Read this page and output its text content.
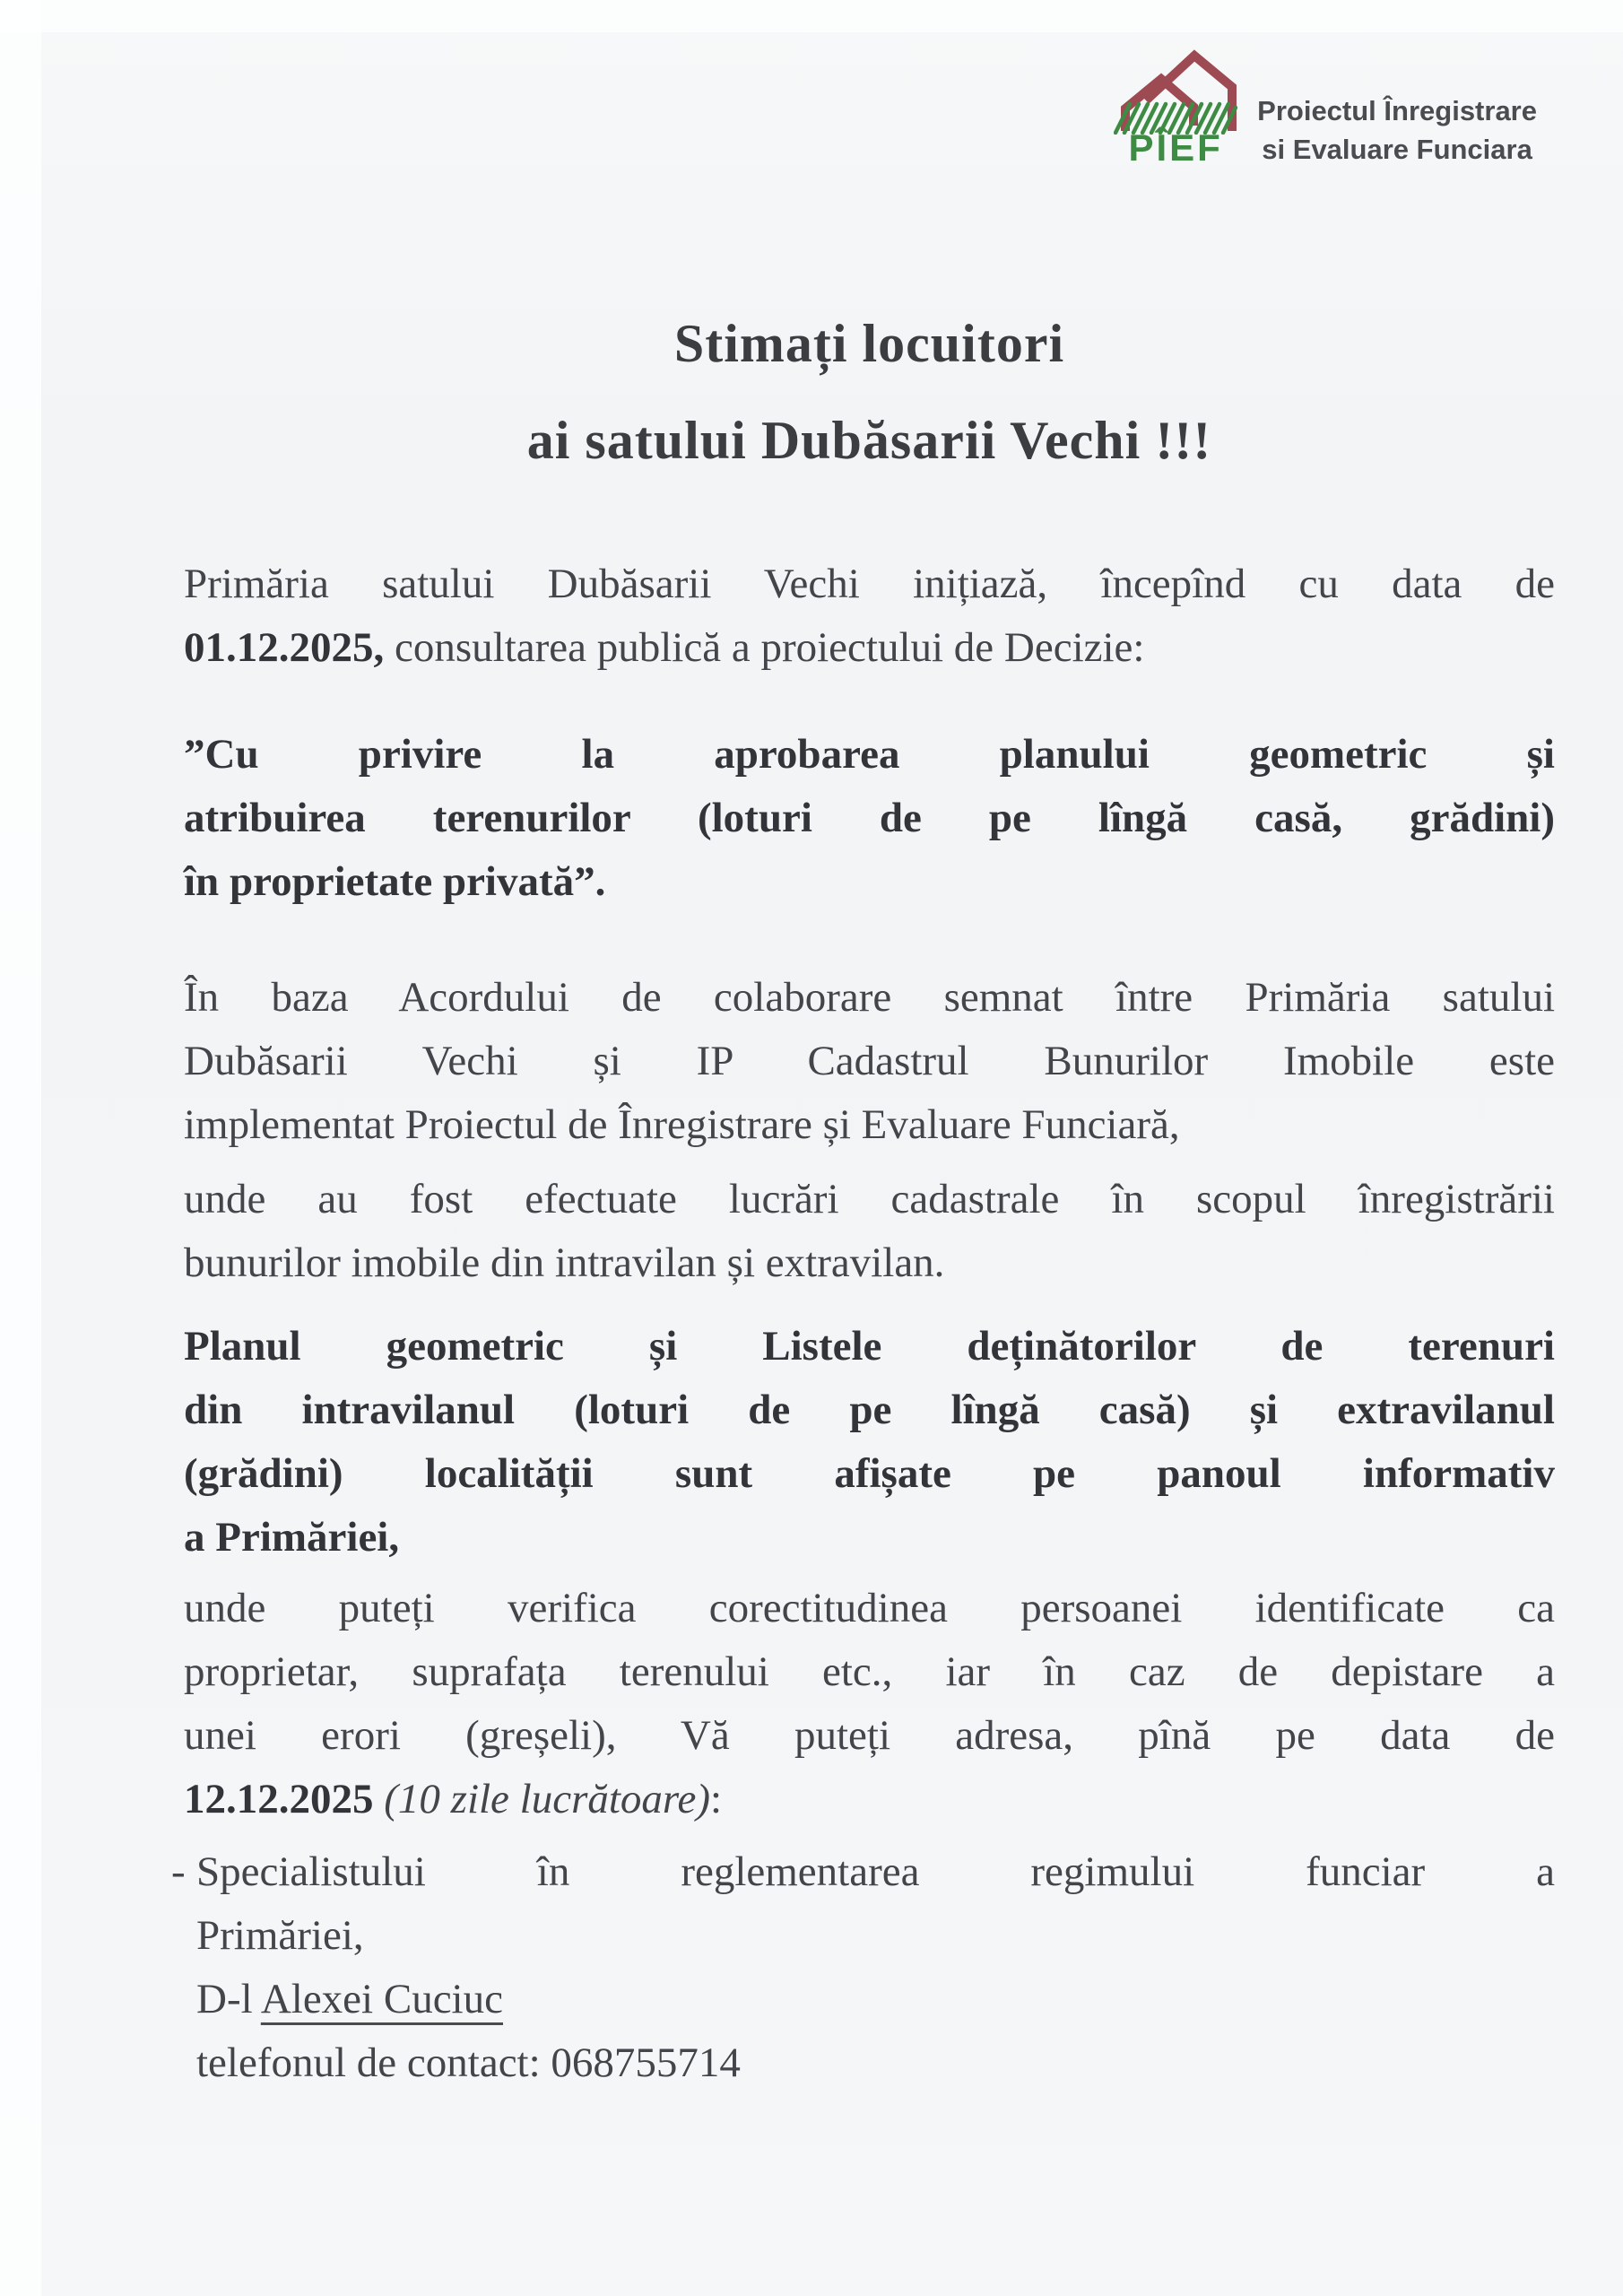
PÎEF
Proiectul Înregistrare
si Evaluare Funciara
Stimați locuitori
ai satului Dubăsarii Vechi !!!
Primăria satului Dubăsarii Vechi inițiază, începînd cu data de
01.12.2025, consultarea publică a proiectului de Decizie:
”Cu privire la aprobarea planului geometric și
atribuirea terenurilor (loturi de pe lîngă casă, grădini)
în proprietate privată”.
În baza Acordului de colaborare semnat între Primăria satului
Dubăsarii Vechi și IP Cadastrul Bunurilor Imobile este
implementat Proiectul de Înregistrare și Evaluare Funciară,
unde au fost efectuate lucrări cadastrale în scopul înregistrării
bunurilor imobile din intravilan și extravilan.
Planul geometric și Listele deținătorilor de terenuri
din intravilanul (loturi de pe lîngă casă) și extravilanul
(grădini) localității sunt afișate pe panoul informativ
a Primăriei,
unde puteți verifica corectitudinea persoanei identificate ca
proprietar, suprafața terenului etc., iar în caz de depistare a
unei erori (greșeli), Vă puteți adresa, pînă pe data de
12.12.2025 (10 zile lucrătoare):
- Specialistului în reglementarea regimului funciar a
Primăriei,
D-l Alexei Cuciuc
telefonul de contact: 068755714
